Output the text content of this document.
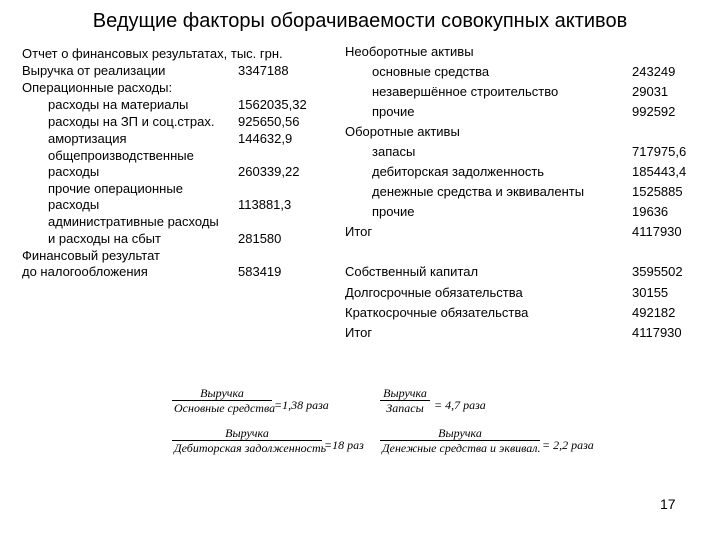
Ведущие факторы оборачиваемости совокупных активов
Отчет о финансовых результатах, тыс. грн.
Выручка от реализации	3347188
Операционные расходы:
расходы на материалы	1562035,32
расходы на ЗП и соц.страх. 925650,56
амортизация	144632,9
общепроизводственные
расходы	260339,22
прочие операционные
расходы	113881,3
административные расходы
и расходы на сбыт	281580
Финансовый результат
до налогообложения	583419
Необоротные активы
основные средства	243249
незавершённое строительство	29031
прочие	992592
Оборотные активы
запасы	717975,6
дебиторская задолженность	185443,4
денежные средства и эквиваленты	1525885
прочие	19636
Итог	4117930
Собственный капитал	3595502
Долгосрочные обязательства	30155
Краткосрочные обязательства	492182
Итог	4117930
Выручка
Основные средства
=1,38 раза
Выручка
Запасы = 4,7 раза
Выручка
Дебиторская задолженность
=18 раз
Выручка
Денежные средства и эквивал. = 2,2 раза
17
